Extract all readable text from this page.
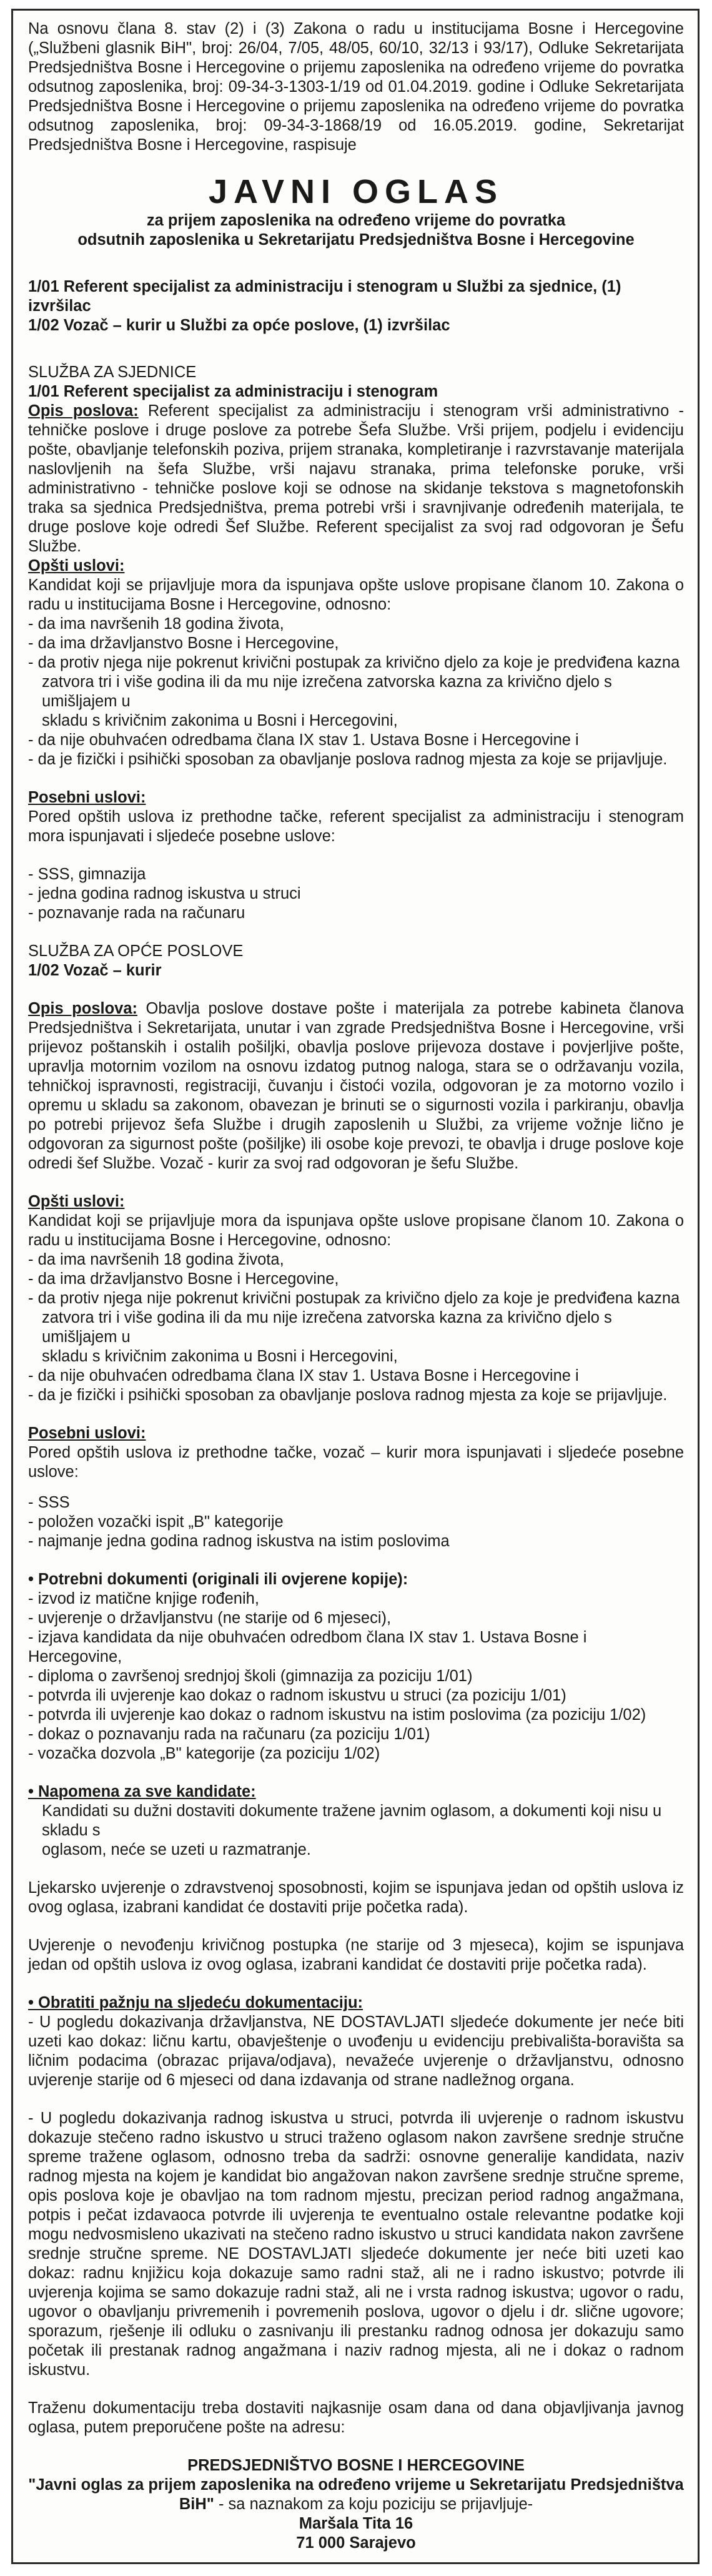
Na osnovu člana 8. stav (2) i (3) Zakona o radu u institucijama Bosne i Hercegovine („Službeni glasnik BiH", broj: 26/04, 7/05, 48/05, 60/10, 32/13 i 93/17), Odluke Sekretarijata Predsjedništva Bosne i Hercegovine o prijemu zaposlenika na određeno vrijeme do povratka odsutnog zaposlenika, broj: 09-34-3-1303-1/19 od 01.04.2019. godine i Odluke Sekretarijata Predsjedništva Bosne i Hercegovine o prijemu zaposlenika na određeno vrijeme do povratka odsutnog zaposlenika, broj: 09-34-3-1868/19 od 16.05.2019. godine, Sekretarijat Predsjedništva Bosne i Hercegovine, raspisuje

JAVNI OGLAS

za prijem zaposlenika na određeno vrijeme do povratka

odsutnih zaposlenika u Sekretarijatu Predsjedništva Bosne i Hercegovine

1/01 Referent specijalist za administraciju i stenogram u Službi za sjednice, (1) izvršilac

1/02 Vozač – kurir u Službi za opće poslove, (1) izvršilac

SLUŽBA ZA SJEDNICE

1/01 Referent specijalist za administraciju i stenogram

Opis poslova: Referent specijalist za administraciju i stenogram vrši administrativno - tehničke poslove i druge poslove za potrebe Šefa Službe. Vrši prijem, podjelu i evidenciju pošte, obavljanje telefonskih poziva, prijem stranaka, kompletiranje i razvrstavanje materijala naslovljenih na šefa Službe, vrši najavu stranaka, prima telefonske poruke, vrši administrativno - tehničke poslove koji se odnose na skidanje tekstova s magnetofonskih traka sa sjednica Predsjedništva, prema potrebi vrši i sravnjivanje određenih materijala, te druge poslove koje odredi Šef Službe. Referent specijalist za svoj rad odgovoran je Šefu Službe.

Opšti uslovi:

Kandidat koji se prijavljuje mora da ispunjava opšte uslove propisane članom 10. Zakona o radu u institucijama Bosne i Hercegovine, odnosno:

- da ima navršenih 18 godina života,
- da ima državljanstvo Bosne i Hercegovine,
- da protiv njega nije pokrenut krivični postupak za krivično djelo za koje je predviđena kazna
zatvora tri i više godina ili da mu nije izrečena zatvorska kazna za krivično djelo s umišljajem u
skladu s krivičnim zakonima u Bosni i Hercegovini,
- da nije obuhvaćen odredbama člana IX stav 1. Ustava Bosne i Hercegovine i
- da je fizički i psihički sposoban za obavljanje poslova radnog mjesta za koje se prijavljuje.

Posebni uslovi:

Pored opštih uslova iz prethodne tačke, referent specijalist za administraciju i stenogram mora ispunjavati i sljedeće posebne uslove:

- SSS, gimnazija
- jedna godina radnog iskustva u struci
- poznavanje rada na računaru

SLUŽBA ZA OPĆE POSLOVE

1/02 Vozač – kurir

Opis poslova: Obavlja poslove dostave pošte i materijala za potrebe kabineta članova Predsjedništva i Sekretarijata, unutar i van zgrade Predsjedništva Bosne i Hercegovine, vrši prijevoz poštanskih i ostalih pošiljki, obavlja poslove prijevoza dostave i povjerljive pošte, upravlja motornim vozilom na osnovu izdatog putnog naloga, stara se o održavanju vozila, tehničkoj ispravnosti, registraciji, čuvanju i čistoći vozila, odgovoran je za motorno vozilo i opremu u skladu sa zakonom, obavezan je brinuti se o sigurnosti vozila i parkiranju, obavlja po potrebi prijevoz šefa Službe i drugih zaposlenih u Službi, za vrijeme vožnje lično je odgovoran za sigurnost pošte (pošiljke) ili osobe koje prevozi, te obavlja i druge poslove koje odredi šef Službe. Vozač - kurir za svoj rad odgovoran je šefu Službe.

Opšti uslovi:

Kandidat koji se prijavljuje mora da ispunjava opšte uslove propisane članom 10. Zakona o radu u institucijama Bosne i Hercegovine, odnosno:

- da ima navršenih 18 godina života,
- da ima državljanstvo Bosne i Hercegovine,
- da protiv njega nije pokrenut krivični postupak za krivično djelo za koje je predviđena kazna
zatvora tri i više godina ili da mu nije izrečena zatvorska kazna za krivično djelo s umišljajem u
skladu s krivičnim zakonima u Bosni i Hercegovini,
- da nije obuhvaćen odredbama člana IX stav 1. Ustava Bosne i Hercegovine i
- da je fizički i psihički sposoban za obavljanje poslova radnog mjesta za koje se prijavljuje.

Posebni uslovi:

Pored opštih uslova iz prethodne tačke, vozač – kurir mora ispunjavati i sljedeće posebne uslove:

- SSS
- položen vozački ispit „B" kategorije
- najmanje jedna godina radnog iskustva na istim poslovima

• Potrebni dokumenti (originali ili ovjerene kopije):

- izvod iz matične knjige rođenih,
- uvjerenje o državljanstvu (ne starije od 6 mjeseci),
- izjava kandidata da nije obuhvaćen odredbom člana IX stav 1. Ustava Bosne i Hercegovine,
- diploma o završenoj srednjoj školi (gimnazija za poziciju 1/01)
- potvrda ili uvjerenje kao dokaz o radnom iskustvu u struci (za poziciju 1/01)
- potvrda ili uvjerenje kao dokaz o radnom iskustvu na istim poslovima (za poziciju 1/02)
- dokaz o poznavanju rada na računaru (za poziciju 1/01)
- vozačka dozvola „B" kategorije (za poziciju 1/02)

• Napomena za sve kandidate:

Kandidati su dužni dostaviti dokumente tražene javnim oglasom, a dokumenti koji nisu u skladu s

oglasom, neće se uzeti u razmatranje.

Ljekarsko uvjerenje o zdravstvenoj sposobnosti, kojim se ispunjava jedan od opštih uslova iz ovog oglasa, izabrani kandidat će dostaviti prije početka rada).

Uvjerenje o nevođenju krivičnog postupka (ne starije od 3 mjeseca), kojim se ispunjava jedan od opštih uslova iz ovog oglasa, izabrani kandidat će dostaviti prije početka rada).

• Obratiti pažnju na sljedeću dokumentaciju:

- U pogledu dokazivanja državljanstva, NE DOSTAVLJATI sljedeće dokumente jer neće biti uzeti kao dokaz: ličnu kartu, obavještenje o uvođenju u evidenciju prebivališta-boravišta sa ličnim podacima (obrazac prijava/odjava), nevažeće uvjerenje o državljanstvu, odnosno uvjerenje starije od 6 mjeseci od dana izdavanja od strane nadležnog organa.

- U pogledu dokazivanja radnog iskustva u struci, potvrda ili uvjerenje o radnom iskustvu dokazuje stečeno radno iskustvo u struci traženo oglasom nakon završene srednje stručne spreme tražene oglasom, odnosno treba da sadrži: osnovne generalije kandidata, naziv radnog mjesta na kojem je kandidat bio angažovan nakon završene srednje stručne spreme, opis poslova koje je obavljao na tom radnom mjestu, precizan period radnog angažmana, potpis i pečat izdavaoca potvrde ili uvjerenja te eventualno ostale relevantne podatke koji mogu nedvosmisleno ukazivati na stečeno radno iskustvo u struci kandidata nakon završene srednje stručne spreme. NE DOSTAVLJATI sljedeće dokumente jer neće biti uzeti kao dokaz: radnu knjižicu koja dokazuje samo radni staž, ali ne i radno iskustvo; potvrde ili uvjerenja kojima se samo dokazuje radni staž, ali ne i vrsta radnog iskustva; ugovor o radu, ugovor o obavljanju privremenih i povremenih poslova, ugovor o djelu i dr. slične ugovore; sporazum, rješenje ili odluku o zasnivanju ili prestanku radnog odnosa jer dokazuju samo početak ili prestanak radnog angažmana i naziv radnog mjesta, ali ne i dokaz o radnom iskustvu.

Traženu dokumentaciju treba dostaviti najkasnije osam dana od dana objavljivanja javnog oglasa, putem preporučene pošte na adresu:

PREDSJEDNIŠTVO BOSNE I HERCEGOVINE

"Javni oglas za prijem zaposlenika na određeno vrijeme u Sekretarijatu Predsjedništva BiH" - sa naznakom za koju poziciju se prijavljuje-

Maršala Tita 16

71 000 Sarajevo
